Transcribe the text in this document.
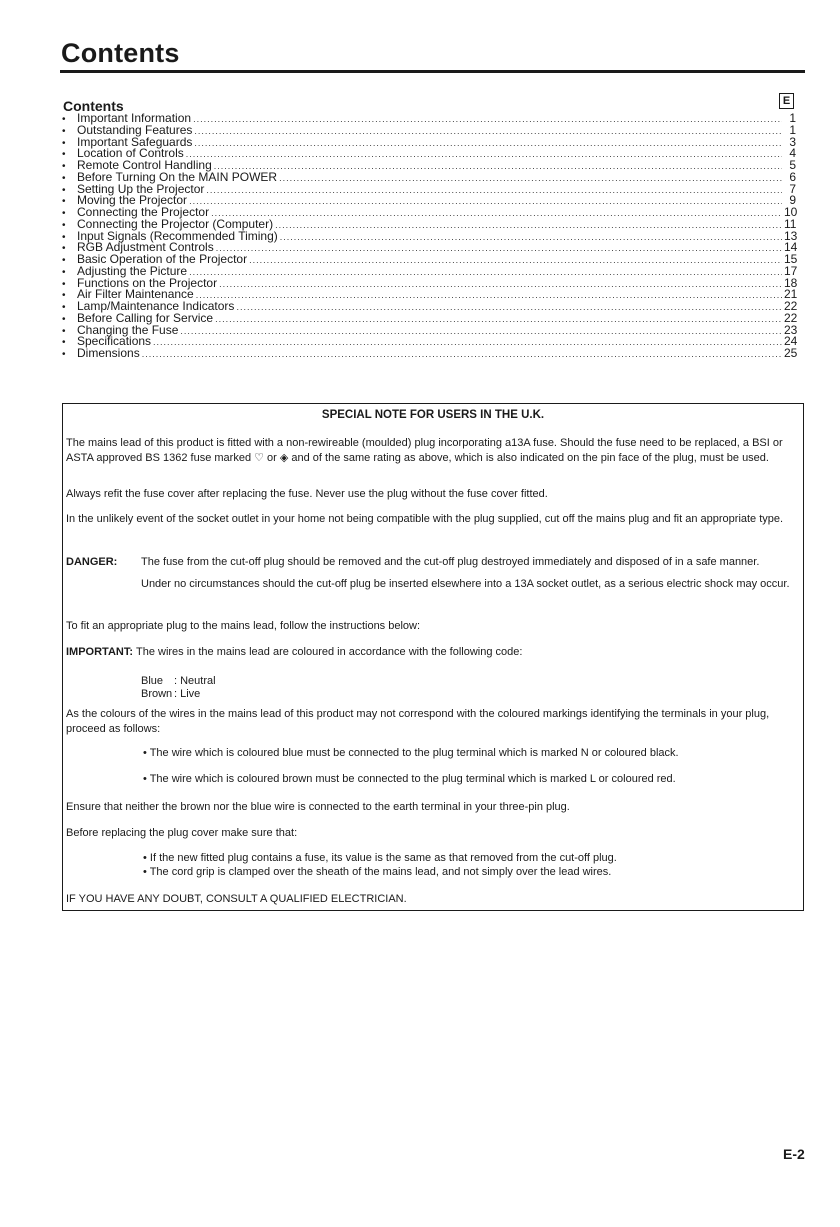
Contents
Contents	E
• Important Information .....	1
• Outstanding Features .....	1
• Important Safeguards .....	3
• Location of Controls .....	4
• Remote Control Handling .....	5
• Before Turning On the MAIN POWER .....	6
• Setting Up the Projector .....	7
• Moving the Projector .....	9
• Connecting the Projector .....	10
• Connecting the Projector (Computer) .....	11
• Input Signals (Recommended Timing) .....	13
• RGB Adjustment Controls .....	14
• Basic Operation of the Projector .....	15
• Adjusting the Picture .....	17
• Functions on the Projector .....	18
• Air Filter Maintenance .....	21
• Lamp/Maintenance Indicators .....	22
• Before Calling for Service .....	22
• Changing the Fuse .....	23
• Specifications .....	24
• Dimensions .....	25

SPECIAL NOTE FOR USERS IN THE U.K.

The mains lead of this product is fitted with a non-rewireable (moulded) plug incorporating a13A fuse. Should the fuse need to be replaced, a BSI or ASTA approved BS 1362 fuse marked ♡ or ◈ and of the same rating as above, which is also indicated on the pin face of the plug, must be used.

Always refit the fuse cover after replacing the fuse. Never use the plug without the fuse cover fitted.

In the unlikely event of the socket outlet in your home not being compatible with the plug supplied, cut off the mains plug and fit an appropriate type.

DANGER: The fuse from the cut-off plug should be removed and the cut-off plug destroyed immediately and disposed of in a safe manner.

Under no circumstances should the cut-off plug be inserted elsewhere into a 13A socket outlet, as a serious electric shock may occur.

To fit an appropriate plug to the mains lead, follow the instructions below:

IMPORTANT: The wires in the mains lead are coloured in accordance with the following code:

Blue : Neutral

Brown : Live

As the colours of the wires in the mains lead of this product may not correspond with the coloured markings identifying the terminals in your plug, proceed as follows:

• The wire which is coloured blue must be connected to the plug terminal which is marked N or coloured black.

• The wire which is coloured brown must be connected to the plug terminal which is marked L or coloured red.

Ensure that neither the brown nor the blue wire is connected to the earth terminal in your three-pin plug.

Before replacing the plug cover make sure that:

• If the new fitted plug contains a fuse, its value is the same as that removed from the cut-off plug.

• The cord grip is clamped over the sheath of the mains lead, and not simply over the lead wires.

IF YOU HAVE ANY DOUBT, CONSULT A QUALIFIED ELECTRICIAN.

E-2
